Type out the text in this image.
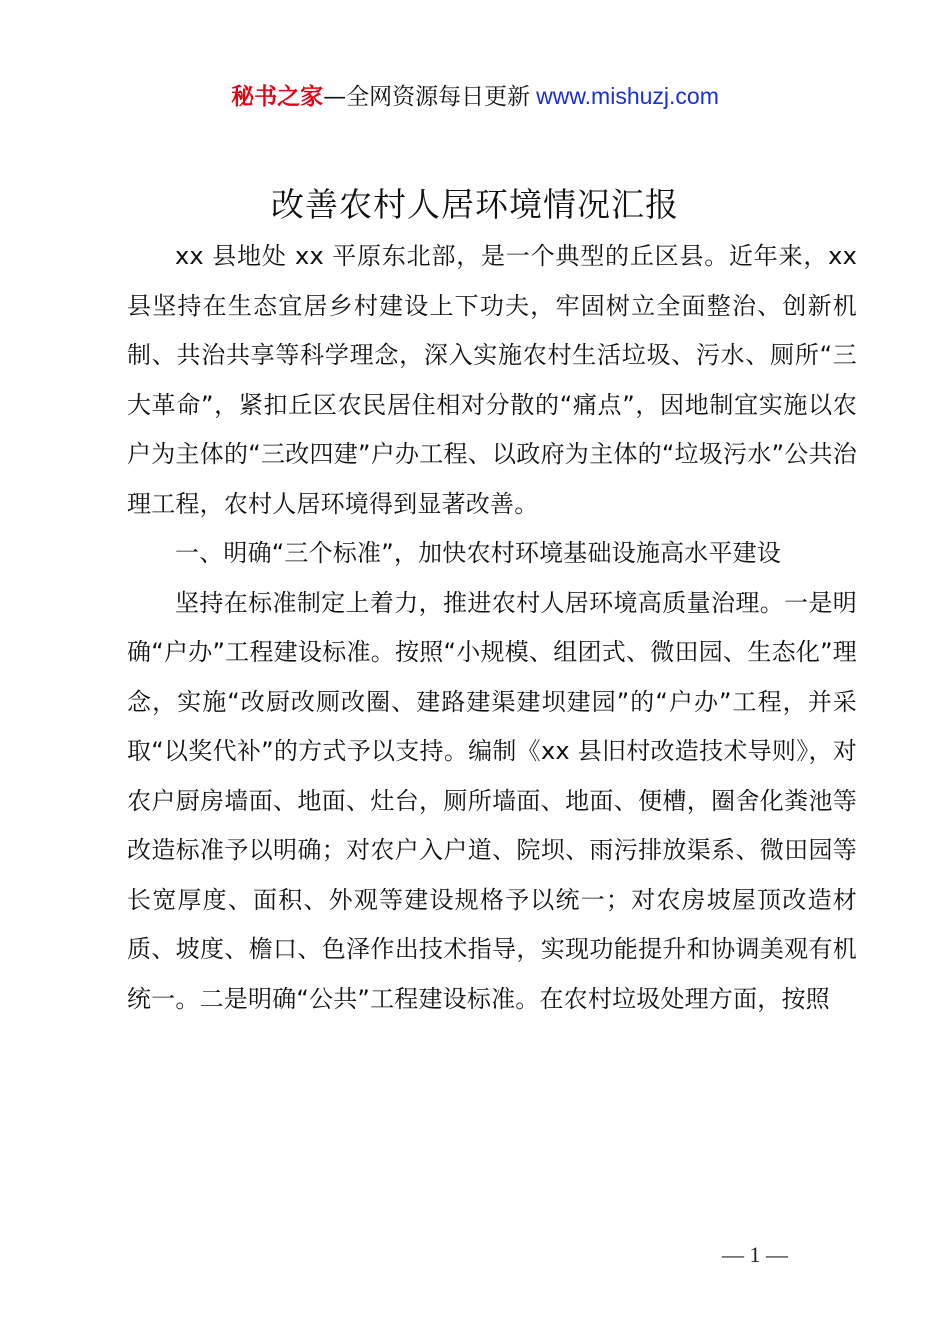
秘书之家—全网资源每日更新 www.mishuzj.com
改善农村人居环境情况汇报

xx 县地处 xx 平原东北部，是一个典型的丘区县。近年来，xx 县坚持在生态宜居乡村建设上下功夫，牢固树立全面整治、创新机制、共治共享等科学理念，深入实施农村生活垃圾、污水、厕所“三大革命”，紧扣丘区农民居住相对分散的“痛点”，因地制宜实施以农户为主体的“三改四建”户办工程、以政府为主体的“垃圾污水”公共治理工程，农村人居环境得到显著改善。

一、明确“三个标准”，加快农村环境基础设施高水平建设

坚持在标准制定上着力，推进农村人居环境高质量治理。一是明确“户办”工程建设标准。按照“小规模、组团式、微田园、生态化”理念，实施“改厨改厕改圈、建路建渠建坝建园”的“户办”工程，并采取“以奖代补”的方式予以支持。编制《xx 县旧村改造技术导则》，对农户厨房墙面、地面、灶台，厕所墙面、地面、便槽，圈舍化粪池等改造标准予以明确；对农户入户道、院坝、雨污排放渠系、微田园等长宽厚度、面积、外观等建设规格予以统一；对农房坡屋顶改造材质、坡度、檐口、色泽作出技术指导，实现功能提升和协调美观有机统一。二是明确“公共”工程建设标准。在农村垃圾处理方面，按照

— 1 —
